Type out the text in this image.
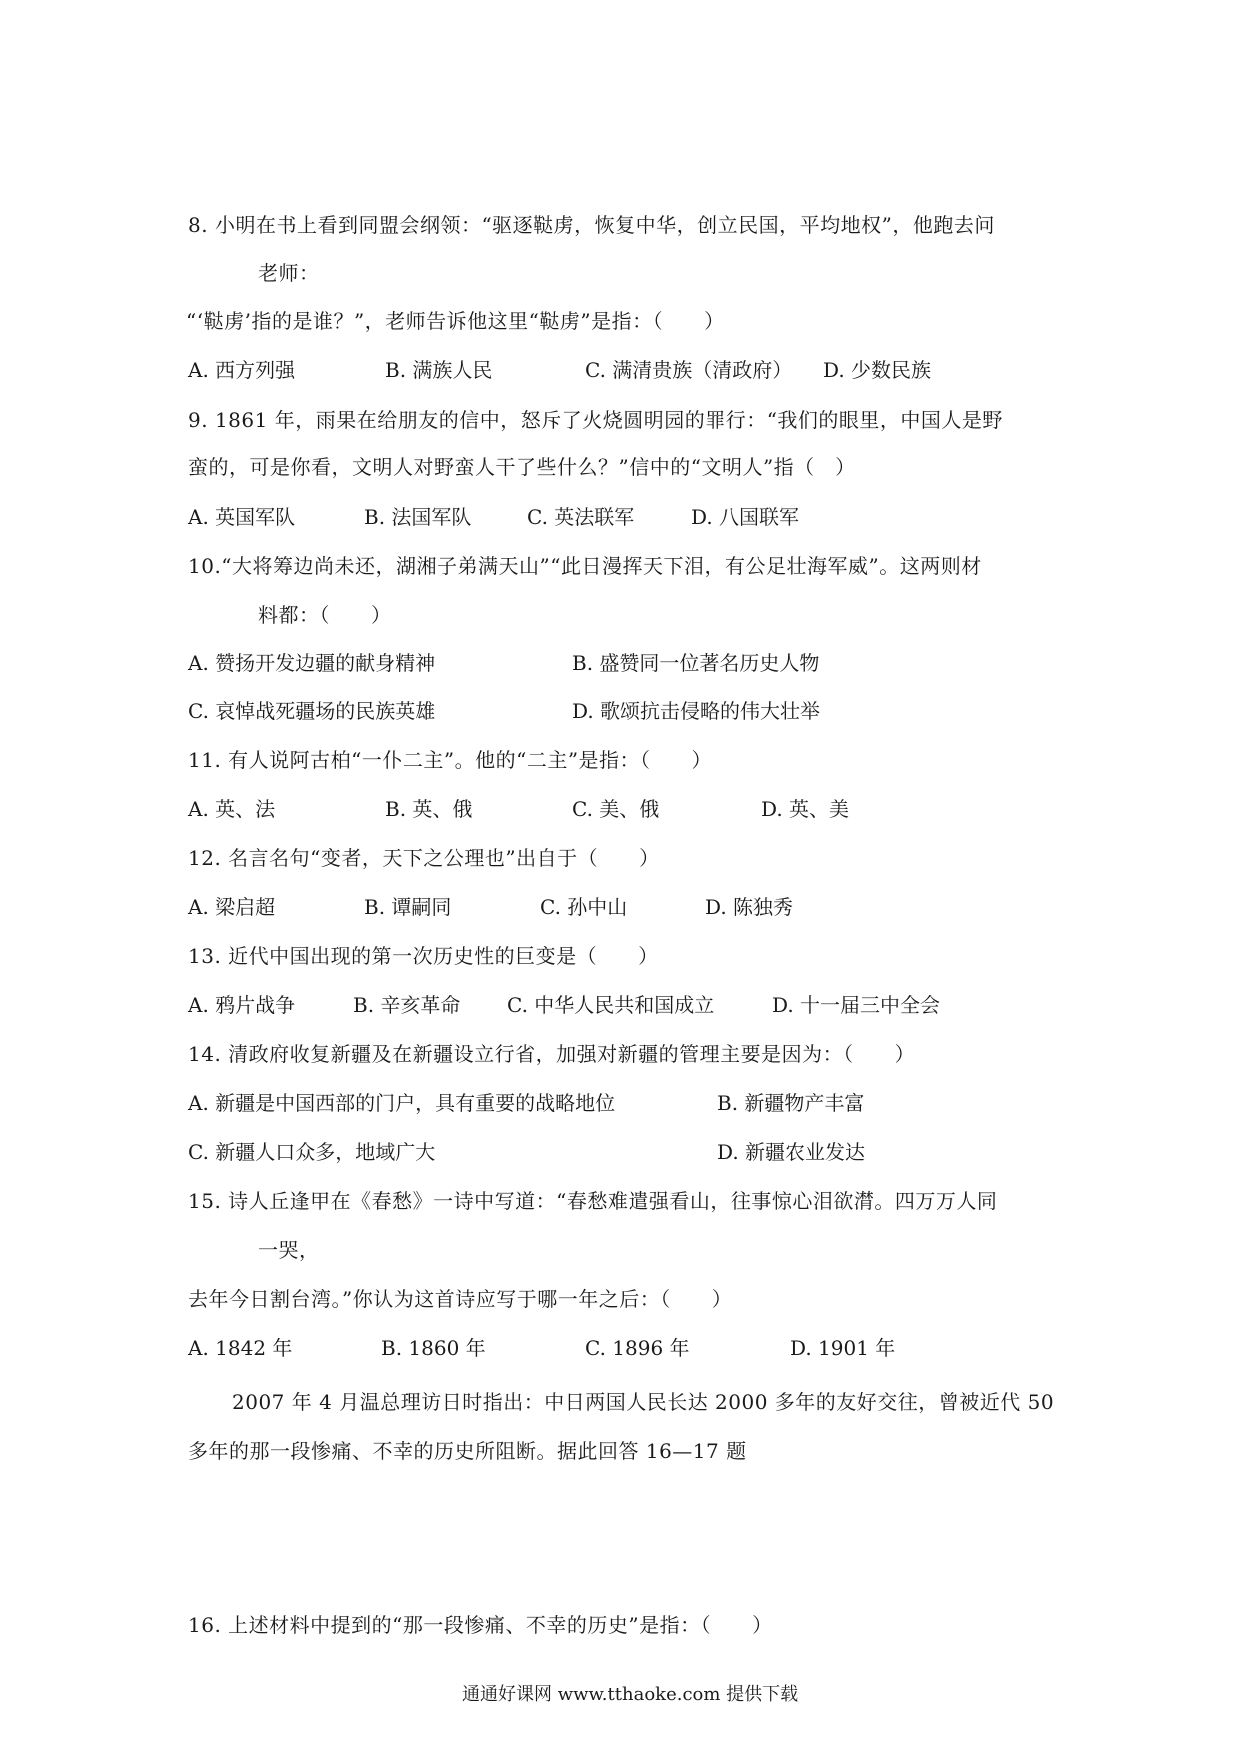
8. 小明在书上看到同盟会纲领：“驱逐鞑虏，恢复中华，创立民国，平均地权”，他跑去问
老师：
“‘鞑虏’指的是谁？”，老师告诉他这里“鞑虏”是指：（　　）
A. 西方列强	B. 满族人民	C. 满清贵族（清政府） D. 少数民族
9. 1861 年，雨果在给朋友的信中，怒斥了火烧圆明园的罪行：“我们的眼里，中国人是野
蛮的，可是你看，文明人对野蛮人干了些什么？”信中的“文明人”指（　）
A. 英国军队	B. 法国军队	C. 英法联军	D. 八国联军
10.“大将筹边尚未还，湖湘子弟满天山”“此日漫挥天下泪，有公足壮海军威”。这两则材
料都：（　　）
A. 赞扬开发边疆的献身精神	B. 盛赞同一位著名历史人物
C. 哀悼战死疆场的民族英雄	D. 歌颂抗击侵略的伟大壮举
11. 有人说阿古柏“一仆二主”。他的“二主”是指：（　　）
A. 英、法	B. 英、俄	C. 美、俄	D. 英、美
12. 名言名句“变者，天下之公理也”出自于（　　）
A. 梁启超	B. 谭嗣同	C. 孙中山	D. 陈独秀
13. 近代中国出现的第一次历史性的巨变是（　　）
A. 鸦片战争	B. 辛亥革命 C. 中华人民共和国成立	D. 十一届三中全会
14. 清政府收复新疆及在新疆设立行省，加强对新疆的管理主要是因为：（　　）
A. 新疆是中国西部的门户，具有重要的战略地位	B. 新疆物产丰富
C. 新疆人口众多，地域广大	D. 新疆农业发达
15. 诗人丘逢甲在《春愁》一诗中写道：“春愁难遣强看山，往事惊心泪欲潸。四万万人同
一哭，
去年今日割台湾。”你认为这首诗应写于哪一年之后：（　　）
A. 1842 年	B. 1860 年	C. 1896 年	D. 1901 年
2007 年 4 月温总理访日时指出：中日两国人民长达 2000 多年的友好交往，曾被近代 50
多年的那一段惨痛、不幸的历史所阻断。据此回答 16—17 题
16. 上述材料中提到的“那一段惨痛、不幸的历史”是指：（　　）
通通好课网 www.tthaoke.com 提供下载
